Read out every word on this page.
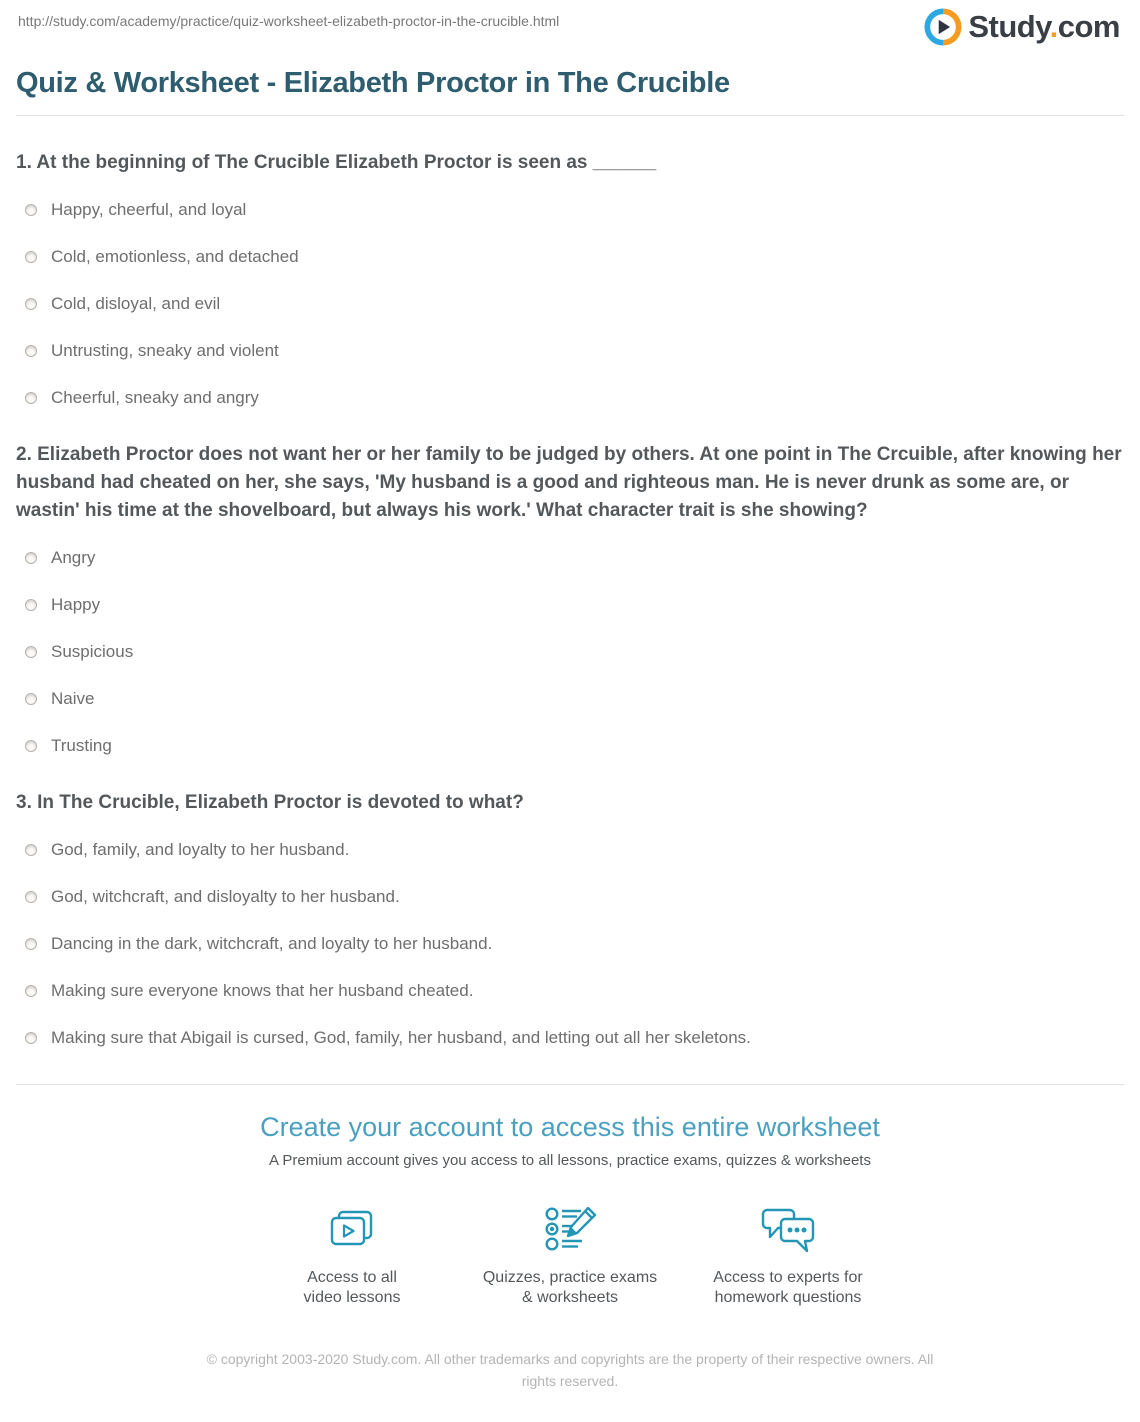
http://study.com/academy/practice/quiz-worksheet-elizabeth-proctor-in-the-crucible.html	Study.com
Quiz & Worksheet - Elizabeth Proctor in The Crucible
1. At the beginning of The Crucible Elizabeth Proctor is seen as ______
Happy, cheerful, and loyal
Cold, emotionless, and detached
Cold, disloyal, and evil
Untrusting, sneaky and violent
Cheerful, sneaky and angry
2. Elizabeth Proctor does not want her or her family to be judged by others. At one point in The Crcuible, after knowing her husband had cheated on her, she says, 'My husband is a good and righteous man. He is never drunk as some are, or wastin' his time at the shovelboard, but always his work.' What character trait is she showing?
Angry
Happy
Suspicious
Naive
Trusting
3. In The Crucible, Elizabeth Proctor is devoted to what?
God, family, and loyalty to her husband.
God, witchcraft, and disloyalty to her husband.
Dancing in the dark, witchcraft, and loyalty to her husband.
Making sure everyone knows that her husband cheated.
Making sure that Abigail is cursed, God, family, her husband, and letting out all her skeletons.
Create your account to access this entire worksheet
A Premium account gives you access to all lessons, practice exams, quizzes & worksheets
Access to all
video lessons
Quizzes, practice exams
& worksheets
Access to experts for
homework questions
© copyright 2003-2020 Study.com. All other trademarks and copyrights are the property of their respective owners. All rights reserved.
